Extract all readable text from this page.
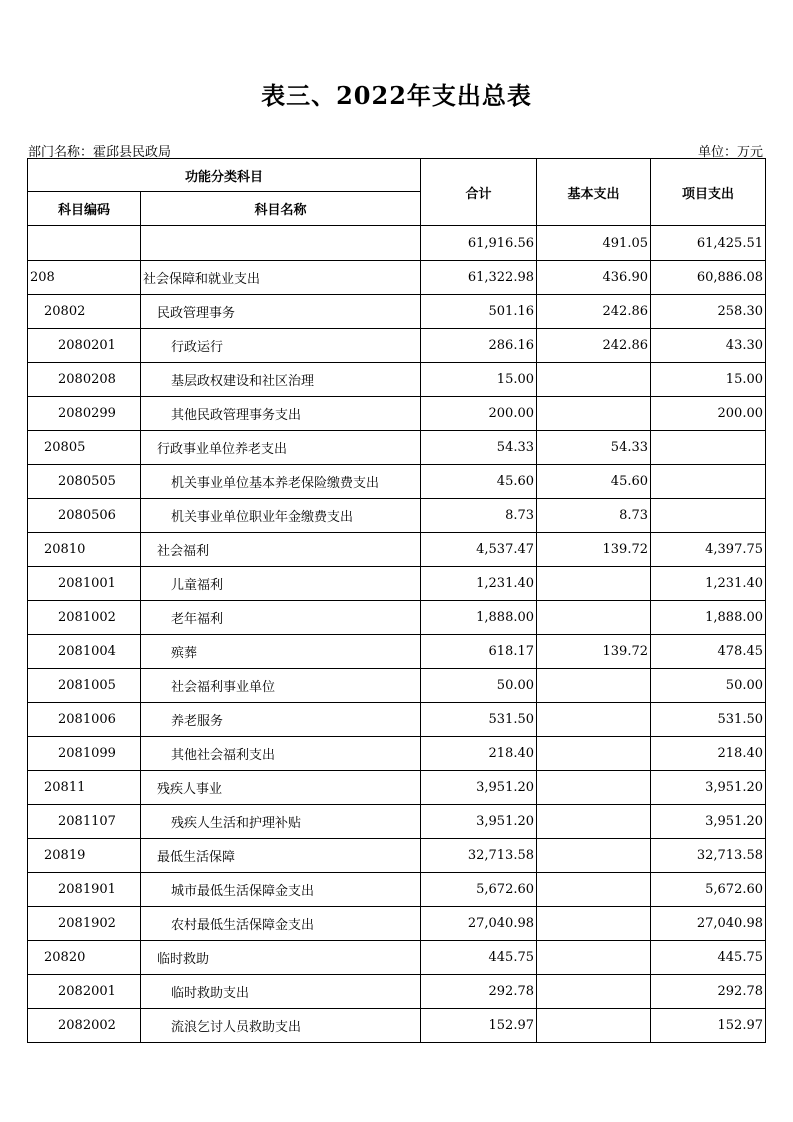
表三、2022年支出总表
部门名称：霍邱县民政局	单位：万元
功能分类科目		合计	基本支出	项目支出
科目编码	科目名称			
		61,916.56	491.05	61,425.51
208	社会保障和就业支出	61,322.98	436.90	60,886.08
20802	民政管理事务	501.16	242.86	258.30
2080201	行政运行	286.16	242.86	43.30
2080208	基层政权建设和社区治理	15.00		15.00
2080299	其他民政管理事务支出	200.00		200.00
20805	行政事业单位养老支出	54.33	54.33	
2080505	机关事业单位基本养老保险缴费支出	45.60	45.60	
2080506	机关事业单位职业年金缴费支出	8.73	8.73	
20810	社会福利	4,537.47	139.72	4,397.75
2081001	儿童福利	1,231.40		1,231.40
2081002	老年福利	1,888.00		1,888.00
2081004	殡葬	618.17	139.72	478.45
2081005	社会福利事业单位	50.00		50.00
2081006	养老服务	531.50		531.50
2081099	其他社会福利支出	218.40		218.40
20811	残疾人事业	3,951.20		3,951.20
2081107	残疾人生活和护理补贴	3,951.20		3,951.20
20819	最低生活保障	32,713.58		32,713.58
2081901	城市最低生活保障金支出	5,672.60		5,672.60
2081902	农村最低生活保障金支出	27,040.98		27,040.98
20820	临时救助	445.75		445.75
2082001	临时救助支出	292.78		292.78
2082002	流浪乞讨人员救助支出	152.97		152.97
